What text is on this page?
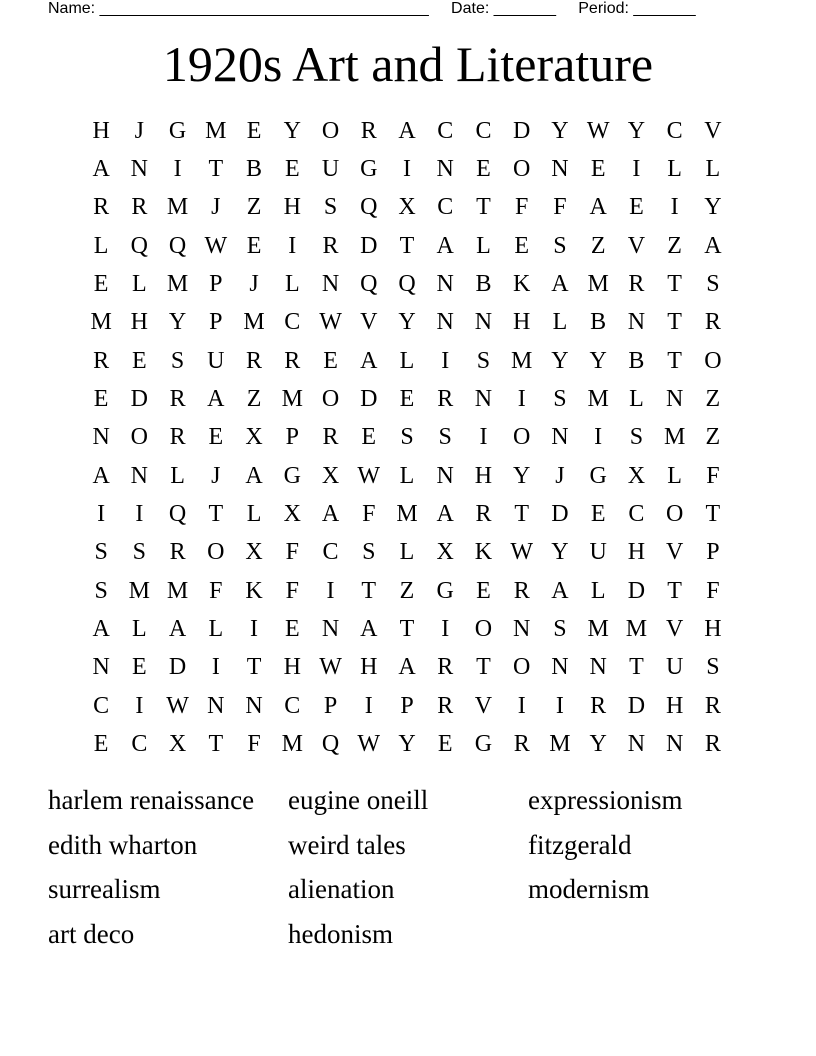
Name: _____________________________________     Date: _______     Period: _______
1920s Art and Literature
H	J	G M E Y O R A C C D Y W Y C V
A N	I	T B E U G	I	N E O N E	I	L L
R R M J	Z H S Q X C T	F	F A E	I	Y
L Q Q W E	I	R D T A L E	S	Z V Z A
E L M P	J	L N Q Q N B K A M R T	S
M H Y P M C W V Y N N H L B N T R
R E	S U R R E A L	I	S M Y Y B T O
E D R A Z M O D E R N	I	S M L N Z
N O R E X P R E	S	S	I	O N	I	S M Z
A N L	J	A G X W L N H Y	J	G X L	F
I	I	Q T L X A F M A R T D E C O T
S	S R O X F C S	L X K W Y U H V P
S M M F K F	I	T Z G E R A L D T	F
A L A L	I	E N A T	I	O N S M M V H
N E D	I	T H W H A R T O N N T U S
C	I W N N C P	I	P R V	I	I	R D H R
E C X T	F M Q W Y E G R M Y N N R
harlem renaissance	eugine oneill	expressionism
edith wharton	weird tales	fitzgerald
surrealism	alienation	modernism
art deco	hedonism
